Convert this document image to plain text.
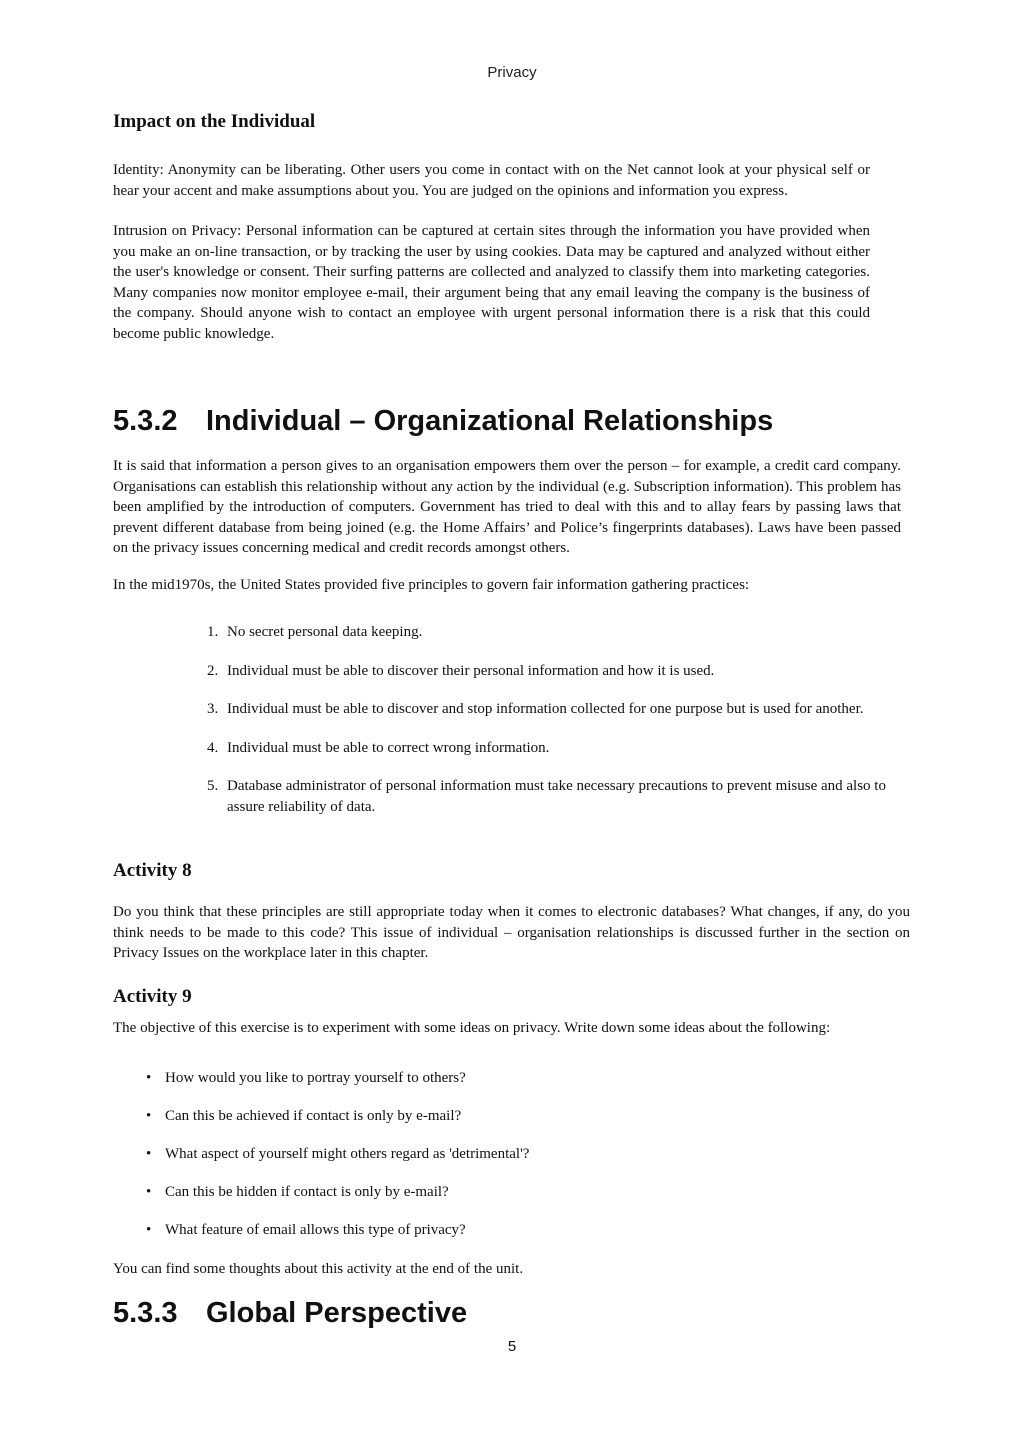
Privacy
Impact on the Individual

Identity: Anonymity can be liberating. Other users you come in contact with on the Net cannot look at your physical self or hear your accent and make assumptions about you. You are judged on the opinions and information you express.

Intrusion on Privacy: Personal information can be captured at certain sites through the information you have provided when you make an on-line transaction, or by tracking the user by using cookies. Data may be captured and analyzed without either the user's knowledge or consent. Their surfing patterns are collected and analyzed to classify them into marketing categories. Many companies now monitor employee e-mail, their argument being that any email leaving the company is the business of the company. Should anyone wish to contact an employee with urgent personal information there is a risk that this could become public knowledge.

5.3.2 Individual – Organizational Relationships

It is said that information a person gives to an organisation empowers them over the person – for example, a credit card company. Organisations can establish this relationship without any action by the individual (e.g. Subscription information). This problem has been amplified by the introduction of computers. Government has tried to deal with this and to allay fears by passing laws that prevent different database from being joined (e.g. the Home Affairs’ and Police’s fingerprints databases). Laws have been passed on the privacy issues concerning medical and credit records amongst others.

In the mid1970s, the United States provided five principles to govern fair information gathering practices:

1. No secret personal data keeping.
2. Individual must be able to discover their personal information and how it is used.
3. Individual must be able to discover and stop information collected for one purpose but is used for another.
4. Individual must be able to correct wrong information.
5. Database administrator of personal information must take necessary precautions to prevent misuse and also to assure reliability of data.
Activity 8

Do you think that these principles are still appropriate today when it comes to electronic databases? What changes, if any, do you think needs to be made to this code? This issue of individual – organisation relationships is discussed further in the section on Privacy Issues on the workplace later in this chapter.

Activity 9

The objective of this exercise is to experiment with some ideas on privacy. Write down some ideas about the following:

• How would you like to portray yourself to others?
• Can this be achieved if contact is only by e-mail?
• What aspect of yourself might others regard as 'detrimental'?
• Can this be hidden if contact is only by e-mail?
• What feature of email allows this type of privacy?

You can find some thoughts about this activity at the end of the unit.

5.3.3 Global Perspective
5
